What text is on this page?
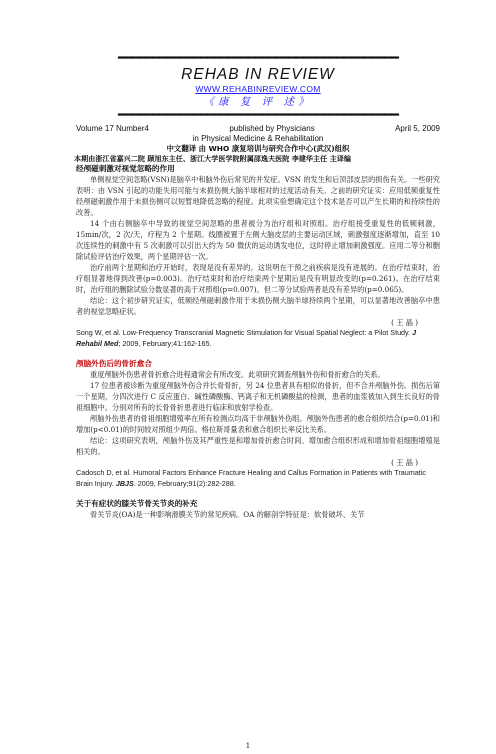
━━━━━━━━━━━━━━━━━━━━━━━━━━━━━━━━━━━━━━━━━
REHAB IN REVIEW
WWW.REHABINREVIEW.COM
《康 复 评 述》
━━━━━━━━━━━━━━━━━━━━━━━━━━━━━━━━━━━━━━━━━
Volume 17 Number4	published by Physicians	April 5, 2009
in Physical Medicine & Rehabilitation
中文翻译 由 WHO 康复培训与研究合作中心(武汉)组织
本期由浙江省嘉兴二院 顾旭东主任、浙江大学医学院附属邵逸夫医院 李建华主任 主译编
经颅磁刺激对视觉忽略的作用

单侧视觉空间忽略(VSN)是脑卒中和脑外伤后常见的并发症。VSN 的发生和后顶部皮层的损伤有关。一些研究表明：由 VSN 引起的功能失用可能与未损伤侧大脑半球相对的过度活动有关。之前的研究证实：应用低频重复性经颅磁刺激作用于未损伤侧可以短暂地降低忽略的程度。此项实验想确定这个技术是否可以产生长期的和持续性的改善。

14 个由右侧脑卒中导致的视觉空间忽略的患者被分为治疗组和对照组。治疗组接受重复性的低频刺激， 15min/次，2 次/天，疗程为 2 个星期。线圈被置于左侧大脑皮层的主要运动区域，刺激强度逐渐增加，直至 10 次连续性的刺激中有 5 次刺激可以引出大约为 50 微伏的运动诱发电位，这时停止增加刺激强度。应用二等分和删除试验评估治疗效果，两个星期评估一次。

治疗前两个星期和治疗开始时，表现是没有差异的。这说明在干预之前疾病是没有进展的。在治疗结束时，治疗组显著地得到改善(p=0.003)。治疗结束时和治疗结束两个星期后是没有明显改变的(p=0.261)。在治疗结束时，治疗组的删除试验分数显著的高于对照组(p=0.007)。但二等分试验两者是没有差异的(p=0.065)。

结论：这个初步研究证实，低频经颅磁刺激作用于未损伤侧大脑半球持续两个星期，可以显著地改善脑卒中患者的视觉忽略症状。

( 王 晶 )
Song W, et al. Low-Frequency Transcranial Magnetic Stimulation for Visual Spatial Neglect: a Pilot Study. J Rehabil Med; 2009, February;41:162-165.
颅脑外伤后的骨折愈合

重度颅脑外伤患者骨折愈合进程通常会有所改变。此项研究调查颅脑外伤和骨折愈合的关系。

17 位患者被诊断为重度颅脑外伤合并长骨骨折，另 24 位患者具有相似的骨折，但不合并颅脑外伤。损伤后第一个星期，分四次进行 C 反应蛋白、碱性磷酸酶、钙离子和无机磷酸盐的检测，患者的血浆被加入到生长良好的骨祖细胞中。分别对所有的长骨骨折患者进行临床和放射学检查。

颅脑外伤患者的骨祖细胞增殖率在所有检测点均高于非颅脑外伤组。颅脑外伤患者的愈合组织结合(p=0.01)和增加(p<0.01)的时间较对照组少两倍。格拉斯哥量表和愈合组织长率反比关系。

结论：这项研究表明，颅脑外伤及其严重性是和增加骨折愈合时间、增加愈合组织形成和增加骨祖细胞增殖是相关的。

( 王 晶 )
Cadosch D, et al. Humoral Factors Enhance Fracture Healing and Callus Formation in Patients with Traumatic Brain Injury. JBJS. 2009, February;91(2):282-288.
关于有症状的膝关节骨关节炎的补充

骨关节炎(OA)是一种影响滑膜关节的常见疾病。OA 的解剖学特征是：软骨破坏、关节

1
